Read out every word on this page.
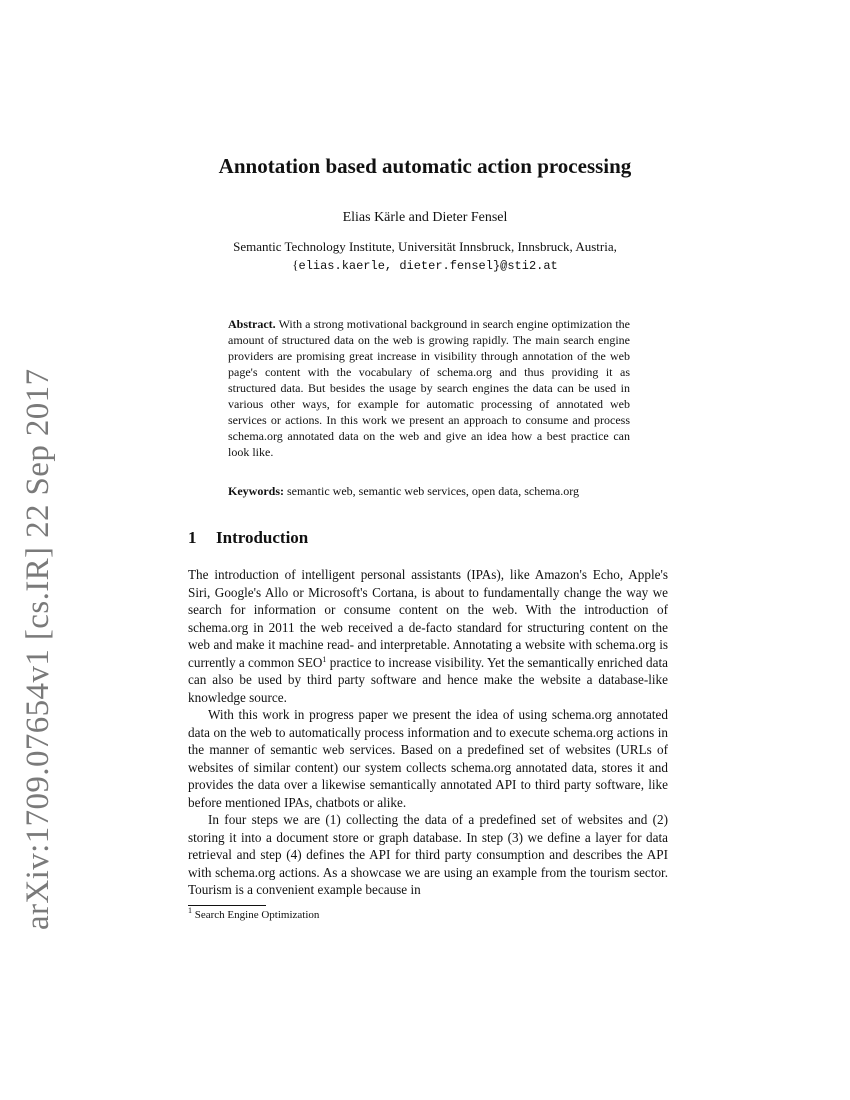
arXiv:1709.07654v1 [cs.IR] 22 Sep 2017
Annotation based automatic action processing
Elias Kärle and Dieter Fensel
Semantic Technology Institute, Universität Innsbruck, Innsbruck, Austria,
{elias.kaerle, dieter.fensel}@sti2.at
Abstract. With a strong motivational background in search engine optimization the amount of structured data on the web is growing rapidly. The main search engine providers are promising great increase in visibility through annotation of the web page's content with the vocabulary of schema.org and thus providing it as structured data. But besides the usage by search engines the data can be used in various other ways, for example for automatic processing of annotated web services or actions. In this work we present an approach to consume and process schema.org annotated data on the web and give an idea how a best practice can look like.
Keywords: semantic web, semantic web services, open data, schema.org
1 Introduction

The introduction of intelligent personal assistants (IPAs), like Amazon's Echo, Apple's Siri, Google's Allo or Microsoft's Cortana, is about to fundamentally change the way we search for information or consume content on the web. With the introduction of schema.org in 2011 the web received a de-facto standard for structuring content on the web and make it machine read- and interpretable. Annotating a website with schema.org is currently a common SEO$^1$ practice to increase visibility. Yet the semantically enriched data can also be used by third party software and hence make the website a database-like knowledge source.

With this work in progress paper we present the idea of using schema.org annotated data on the web to automatically process information and to execute schema.org actions in the manner of semantic web services. Based on a predefined set of websites (URLs of websites of similar content) our system collects schema.org annotated data, stores it and provides the data over a likewise semantically annotated API to third party software, like before mentioned IPAs, chatbots or alike.

In four steps we are (1) collecting the data of a predefined set of websites and (2) storing it into a document store or graph database. In step (3) we define a layer for data retrieval and step (4) defines the API for third party consumption and describes the API with schema.org actions. As a showcase we are using an example from the tourism sector. Tourism is a convenient example because in

$^1$ Search Engine Optimization
